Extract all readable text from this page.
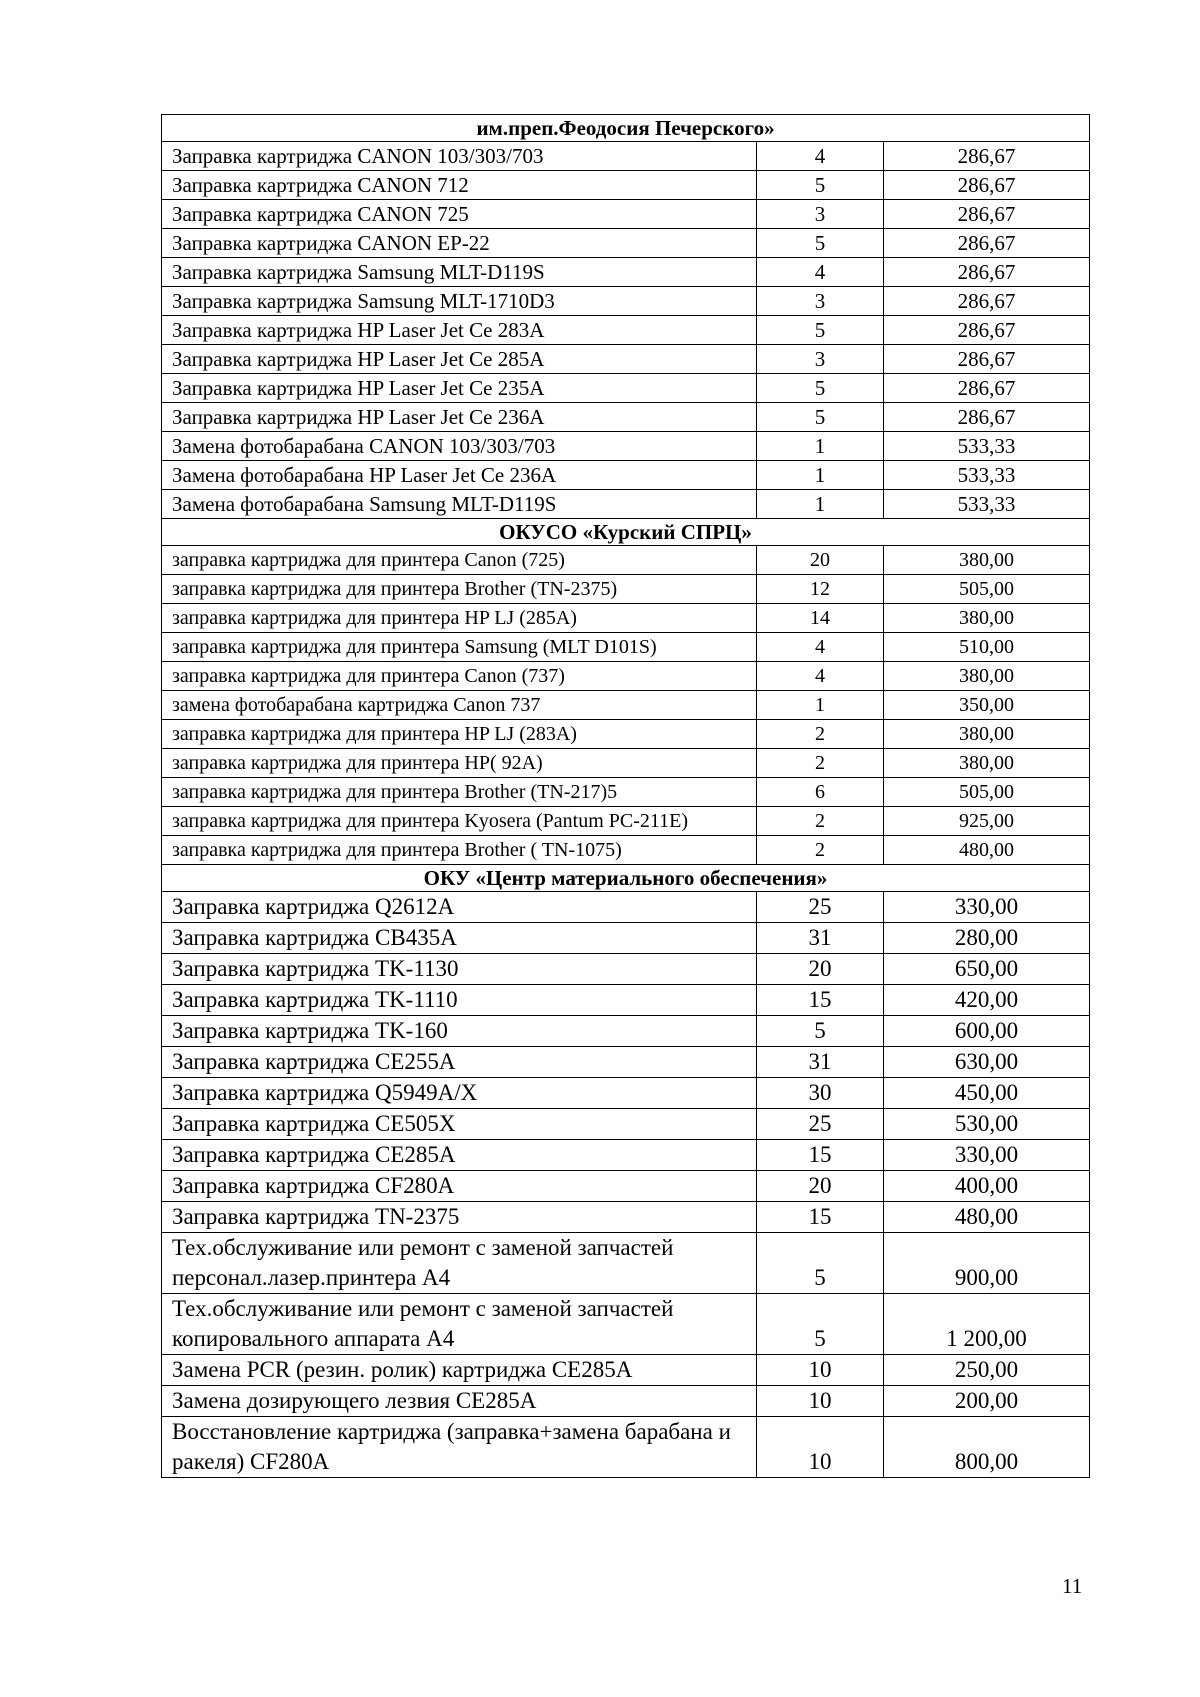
им.преп.Феодосия Печерского»		
Заправка картриджа CANON 103/303/703	4	286,67
Заправка картриджа CANON 712	5	286,67
Заправка картриджа CANON 725	3	286,67
Заправка картриджа CANON EP-22	5	286,67
Заправка картриджа Samsung MLT-D119S	4	286,67
Заправка картриджа Samsung MLT-1710D3	3	286,67
Заправка картриджа HP Laser Jet Ce 283A	5	286,67
Заправка картриджа HP Laser Jet Ce 285A	3	286,67
Заправка картриджа HP Laser Jet Ce 235A	5	286,67
Заправка картриджа HP Laser Jet Ce 236A	5	286,67
Замена фотобарабана CANON 103/303/703	1	533,33
Замена фотобарабана HP Laser Jet Ce 236A	1	533,33
Замена фотобарабана Samsung MLT-D119S	1	533,33
ОКУСО «Курский СПРЦ»		
заправка картриджа для принтера Canon (725)	20	380,00
заправка картриджа для принтера Brother (TN-2375)	12	505,00
заправка картриджа для принтера HP LJ (285A)	14	380,00
заправка картриджа для принтера Samsung (MLT D101S)	4	510,00
заправка картриджа для принтера Canon (737)	4	380,00
замена фотобарабана картриджа Canon 737	1	350,00
заправка картриджа для принтера HP LJ (283A)	2	380,00
заправка картриджа для принтера HP( 92A)	2	380,00
заправка картриджа для принтера Brother (TN-217)5	6	505,00
заправка картриджа для принтера Kyosera (Pantum PC-211E)	2	925,00
заправка картриджа для принтера Brother ( TN-1075)	2	480,00
ОКУ «Центр материального обеспечения»		
Заправка картриджа Q2612A	25	330,00
Заправка картриджа CB435A	31	280,00
Заправка картриджа TK-1130	20	650,00
Заправка картриджа TK-1110	15	420,00
Заправка картриджа TK-160	5	600,00
Заправка картриджа CE255A	31	630,00
Заправка картриджа Q5949A/X	30	450,00
Заправка картриджа CE505X	25	530,00
Заправка картриджа CE285A	15	330,00
Заправка картриджа CF280A	20	400,00
Заправка картриджа TN-2375	15	480,00
Тех.обслуживание или ремонт с заменой запчастей персонал.лазер.принтера А4	5	900,00
Тех.обслуживание или ремонт с заменой запчастей копировального аппарата А4	5	1 200,00
Замена PCR (резин. ролик) картриджа CE285A	10	250,00
Замена дозирующего лезвия CE285A	10	200,00
Восстановление картриджа (заправка+замена барабана и ракеля) CF280A	10	800,00
11
